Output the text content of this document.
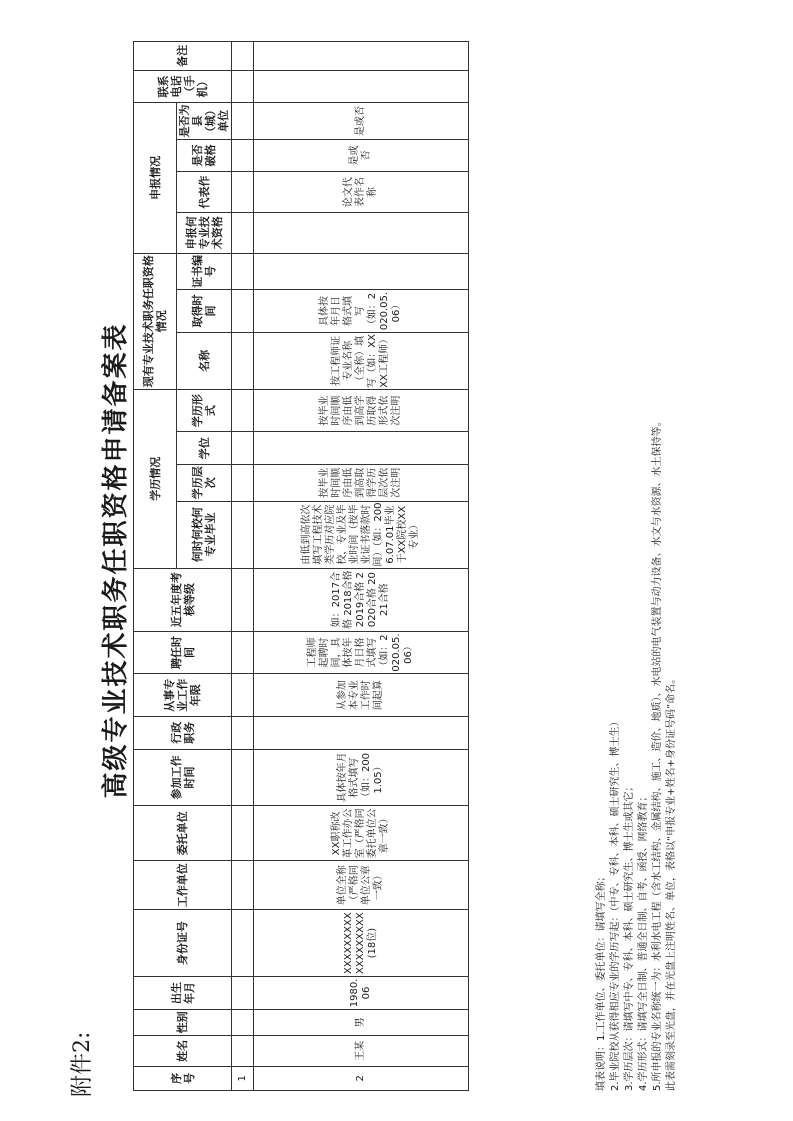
附件2:
高级专业技术职务任职资格申请备案表
序号	姓名	性别	出生年月	身份证号	工作单位	委托单位	参加工作时间	行政职务	从事专业工作年限	聘任时间	近五年度考核等级	学历情况				现有专业技术职务任职资格情况			申报情况				联系电话（手机）	备注
												何时何校何专业毕业	学历层次	学位	学历形式	名称	取得时间	证书编号	申报何专业技术资格	代表作	是否破格	是否为县（城）单位		
1																								
2	王某	男	1980.06	XXXXXXXXXXXXXXXXXX(18位)	单位全称（严格同单位公章一致）	XX职称改革工作办公室（严格同委托单位公章一致）	具体按年月格式填写（如：2001.05）		从参加本专业工作时间起算	工程师起聘时间，具体按年月日格式填写（如：2020.05.06）	如：2017合格 2018合格 2019合格 2020合格 2021合格	由低到高依次填写工程技术类学历对应院校，专业及毕业时间（按毕业证书落款时间）（如：2006.07.01毕业于XX院校XX专业）	按毕业时间顺序由低到高取得学历层次依次注明		按毕业时间顺序由低到高学历取得形式依次注明	按工程师证专业名称（全称）填写（如：XXXX工程师）	具体按年月日格式填写（如：2020.05.06）			论文代表作名称	是或否	是或否		
填表说明：1.工作单位、委托单位：请填写全称； 2.毕业院校从获得相应专业的学历写起：（中专、专科、本科、硕士研究生、博士生） 3.学历层次：请填写中专、专科、本科、硕士研究生、博士生或其它； 4.学历形式：请填写全日制、普通全日制、自考、函授、网络教育； 5.所申报的专业名称统一为：水利水电工程（含水工结构、金属结构、施工、造价、地质）、水电站的电气装置与动力设备、水文与水资源、水土保持等。 此表需刻录至光盘，并在光盘上注明姓名、单位，表格以“申报专业+姓名+身份证号码”命名。
